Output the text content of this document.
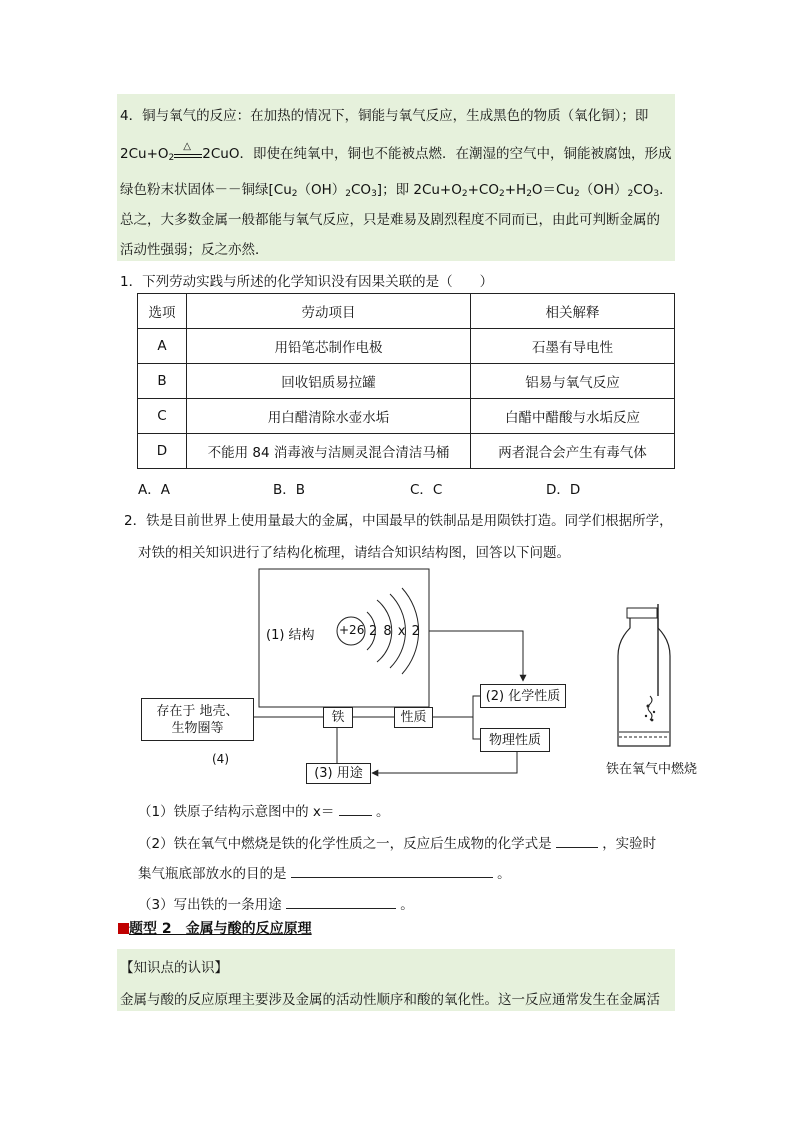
4．铜与氧气的反应：在加热的情况下，铜能与氧气反应，生成黑色的物质（氧化铜）；即
$2Cu+O_2$
△ 2CuO．即使在纯氧中，铜也不能被点燃．在潮湿的空气中，铜能被腐蚀，形成
绿色粉末状固体－－铜绿$[Cu_2(OH)_2CO_3]$；即 $2Cu+O_2+CO_2+H_2O=Cu_2(OH)_2CO_3$．
总之，大多数金属一般都能与氧气反应，只是难易及剧烈程度不同而已，由此可判断金属的
活动性强弱；反之亦然．
1．下列劳动实践与所述的化学知识没有因果关联的是（　　）
选项	劳动项目	相关解释
A	用铅笔芯制作电极	石墨有导电性
B	回收铝质易拉罐	铝易与氧气反应
C	用白醋清除水壶水垢	白醋中醋酸与水垢反应
D	不能用 84 消毒液与洁厕灵混合清洁马桶	两者混合会产生有毒气体
A．A	B．B	C．C	D．D
2．铁是目前世界上使用量最大的金属，中国最早的铁制品是用陨铁打造。同学们根据所学，
对铁的相关知识进行了结构化梳理，请结合知识结构图，回答以下问题。
(1) 结构 +26 2 8 x 2
存在于 地壳、
生物圈等
(4)
铁	性质
(2) 化学性质
物理性质
(3) 用途	铁在氧气中燃烧
（1）铁原子结构示意图中的 x＝	。
（2）铁在氧气中燃烧是铁的化学性质之一，反应后生成物的化学式是	，实验时
集气瓶底部放水的目的是	。
（3）写出铁的一条用途	。
题型 2　金属与酸的反应原理
【知识点的认识】
金属与酸的反应原理主要涉及金属的活动性顺序和酸的氧化性。这一反应通常发生在金属活
